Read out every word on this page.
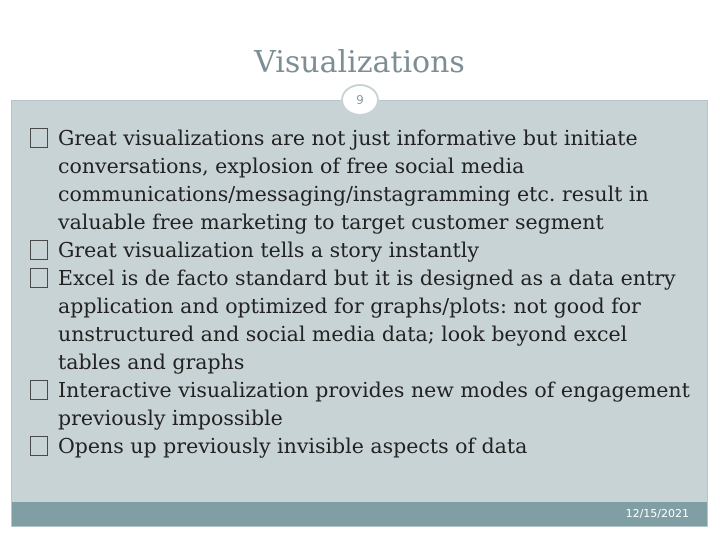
Visualizations
9
Great visualizations are not just informative but initiate conversations, explosion of free social media communications/messaging/instagramming etc. result in valuable free marketing to target customer segment
Great visualization tells a story instantly
Excel is de facto standard but it is designed as a data entry application and optimized for graphs/plots: not good for unstructured and social media data; look beyond excel tables and graphs
Interactive visualization provides new modes of engagement previously impossible
Opens up previously invisible aspects of data
12/15/2021
